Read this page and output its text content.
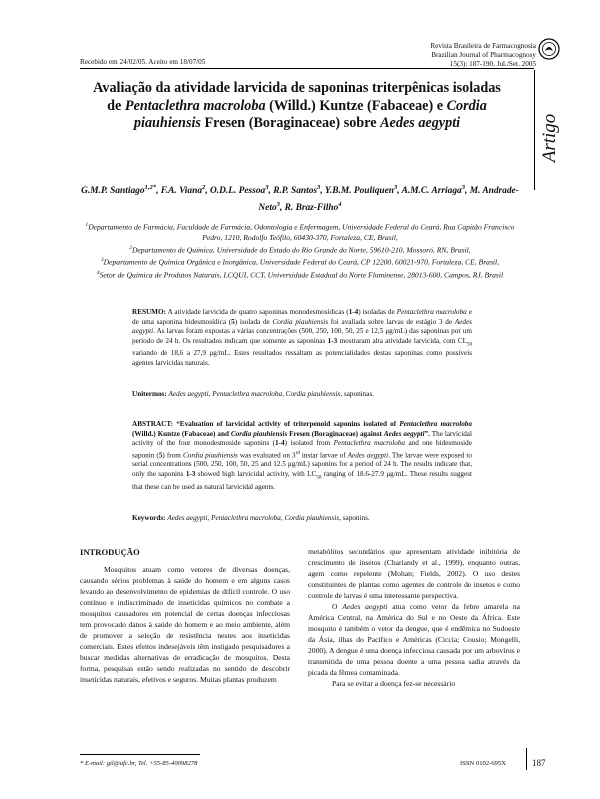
Revista Brasileira de Farmacognosia
Brazilian Journal of Pharmacognosy
15(3): 187-190, Jul./Set. 2005
Recebido em 24/02/05. Aceito em 18/07/05
Artigo
Avaliação da atividade larvicida de saponinas triterpênicas isoladas de Pentaclethra macroloba (Willd.) Kuntze (Fabaceae) e Cordia piauhiensis Fresen (Boraginaceae) sobre Aedes aegypti
G.M.P. Santiago$^{1,2*}$, F.A. Viana$^2$, O.D.L. Pessoa$^3$, R.P. Santos$^3$, Y.B.M. Pouliquen$^3$, A.M.C. Arriaga$^3$, M. Andrade-Neto$^3$, R. Braz-Filho$^4$
$^1$Departamento de Farmácia, Faculdade de Farmácia, Odontologia e Enfermagem, Universidade Federal do Ceará, Rua Capitão Francisco Pedro, 1210, Rodolfo Teófilo, 60430-370, Fortaleza, CE, Brasil,
$^2$Departamento de Química, Universidade do Estado do Rio Grande do Norte, 59610-210, Mossoró, RN, Brasil,
$^3$Departamento de Química Orgânica e Inorgânica, Universidade Federal do Ceará, CP 12200, 60021-970, Fortaleza, CE, Brasil,
$^4$Setor de Química de Produtos Naturais, LCQUI, CCT, Universidade Estadual do Norte Fluminense, 28013-600, Campos, RJ, Brasil
RESUMO: A atividade larvicida de quatro saponinas monodesmosídicas (1-4) isoladas de Pentaclethra macroloba e de uma saponina bidesmosídica (5) isolada de Cordia piauhiensis foi avaliada sobre larvas de estágio 3 de Aedes aegypti. As larvas foram expostas a várias concentrações (500, 250, 100, 50, 25 e 12,5 μg/mL) das saponinas por um período de 24 h. Os resultados indicam que somente as saponinas 1-3 mostraram alta atividade larvicida, com $CL_{50}$ variando de 18,6 a 27,9 μg/mL. Estes resultados ressaltam as potencialidades destas saponinas como possíveis agentes larvicidas naturais.
Unitermos: Aedes aegypti, Pentaclethra macroloba, Cordia piauhiensis, saponinas.
ABSTRACT: “Evaluation of larvicidal activity of triterpenoid saponins isolated of Pentaclethra macroloba (Willd.) Kuntze (Fabaceae) and Cordia piauhiensis Fresen (Boraginaceae) against Aedes aegypti”. The larvicidal activity of the four monodesmoside saponins (1-4) isolated from Pentaclethra macroloba and one bidesmoside saponin (5) from Cordia piauhiensis was evaluated on 3rd instar larvae of Aedes aegypti. The larvae were exposed to serial concentrations (500, 250, 100, 50, 25 and 12.5 μg/mL) saponins for a period of 24 h. The results indicate that, only the saponins 1-3 showed high larvicidal activity, with $LC_{50}$ ranging of 18.6-27.9 μg/mL. These results suggest that these can be used as natural larvicidal agents.
Keywords: Aedes aegypti, Pentaclethra macroloba, Cordia piauhiensis, saponins.
INTRODUÇÃO

Mosquitos atuam como vetores de diversas doenças, causando sérios problemas à saúde do homem e em alguns casos levando ao desenvolvimento de epidemias de difícil controle. O uso contínuo e indiscriminado de inseticidas químicos no combate a mosquitos causadores em potencial de certas doenças infecciosas tem provocado danos à saúde do homem e ao meio ambiente, além de promover a seleção de resistência nestes aos inseticidas comerciais. Estes efeitos indesejáveis têm instigado pesquisadores a buscar medidas alternativas de erradicação de mosquitos. Desta forma, pesquisas estão sendo realizadas no sentido de descobrir inseticidas naturais, efetivos e seguros. Muitas plantas produzem

metabólitos secundários que apresentam atividade inibitória de crescimento de insetos (Chariandy et al., 1999), enquanto outras, agem como repelente (Mohan; Fields, 2002). O uso destes constituintes de plantas como agentes de controle de insetos e como controle de larvas é uma interessante perspectiva.

O Aedes aegypti atua como vetor da febre amarela na América Central, na América do Sul e no Oeste da África. Este mosquito é também o vetor da dengue, que é endêmica no Sudoeste da Ásia, ilhas do Pacífico e Américas (Ciccia; Cousio; Mongelli, 2000). A dengue é uma doença infecciosa causada por um arbovírus e transmitida de uma pessoa doente a uma pessoa sadia através da picada da fêmea contaminada.

Para se evitar a doença fez-se necessário

* E-mail: gil@ufc.br, Tel. +55-85-40098278	ISSN 0102-695X	187
